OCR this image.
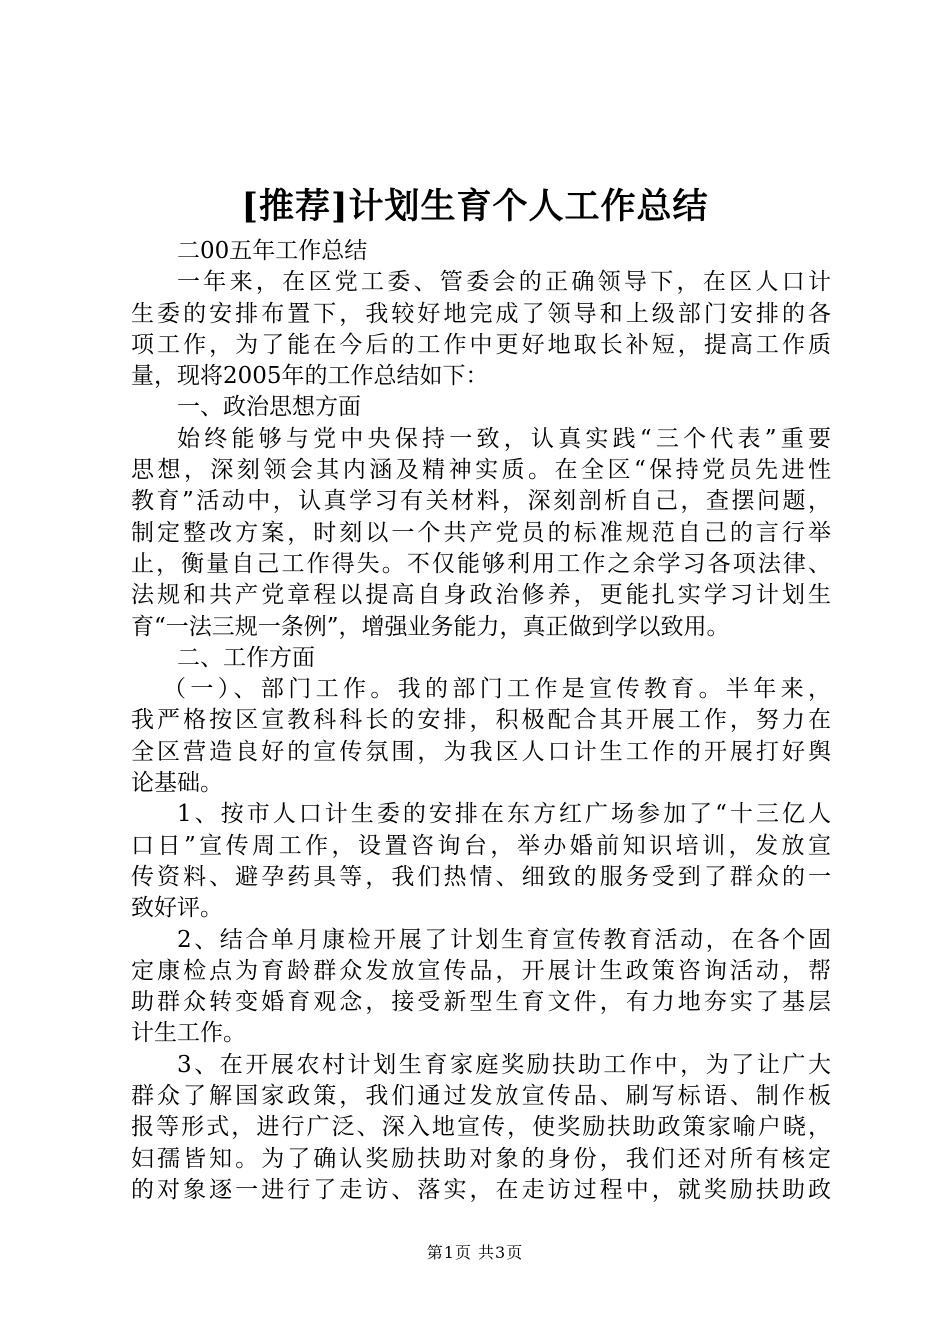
[推荐]计划生育个人工作总结
二00五年工作总结
一年来，在区党工委、管委会的正确领导下，在区人口计
生委的安排布置下，我较好地完成了领导和上级部门安排的各
项工作，为了能在今后的工作中更好地取长补短，提高工作质
量，现将2005年的工作总结如下：
一、政治思想方面
始终能够与党中央保持一致，认真实践“三个代表”重要
思想，深刻领会其内涵及精神实质。在全区“保持党员先进性
教育”活动中，认真学习有关材料，深刻剖析自己，查摆问题，
制定整改方案，时刻以一个共产党员的标准规范自己的言行举
止，衡量自己工作得失。不仅能够利用工作之余学习各项法律、
法规和共产党章程以提高自身政治修养，更能扎实学习计划生
育“一法三规一条例”，增强业务能力，真正做到学以致用。
二、工作方面
（一）、部门工作。我的部门工作是宣传教育。半年来，
我严格按区宣教科科长的安排，积极配合其开展工作，努力在
全区营造良好的宣传氛围，为我区人口计生工作的开展打好舆
论基础。
1、按市人口计生委的安排在东方红广场参加了“十三亿人
口日”宣传周工作，设置咨询台，举办婚前知识培训，发放宣
传资料、避孕药具等，我们热情、细致的服务受到了群众的一
致好评。
2、结合单月康检开展了计划生育宣传教育活动，在各个固
定康检点为育龄群众发放宣传品，开展计生政策咨询活动，帮
助群众转变婚育观念，接受新型生育文件，有力地夯实了基层
计生工作。
3、在开展农村计划生育家庭奖励扶助工作中，为了让广大
群众了解国家政策，我们通过发放宣传品、刷写标语、制作板
报等形式，进行广泛、深入地宣传，使奖励扶助政策家喻户晓，
妇孺皆知。为了确认奖励扶助对象的身份，我们还对所有核定
的对象逐一进行了走访、落实，在走访过程中，就奖励扶助政
第1页 共3页
